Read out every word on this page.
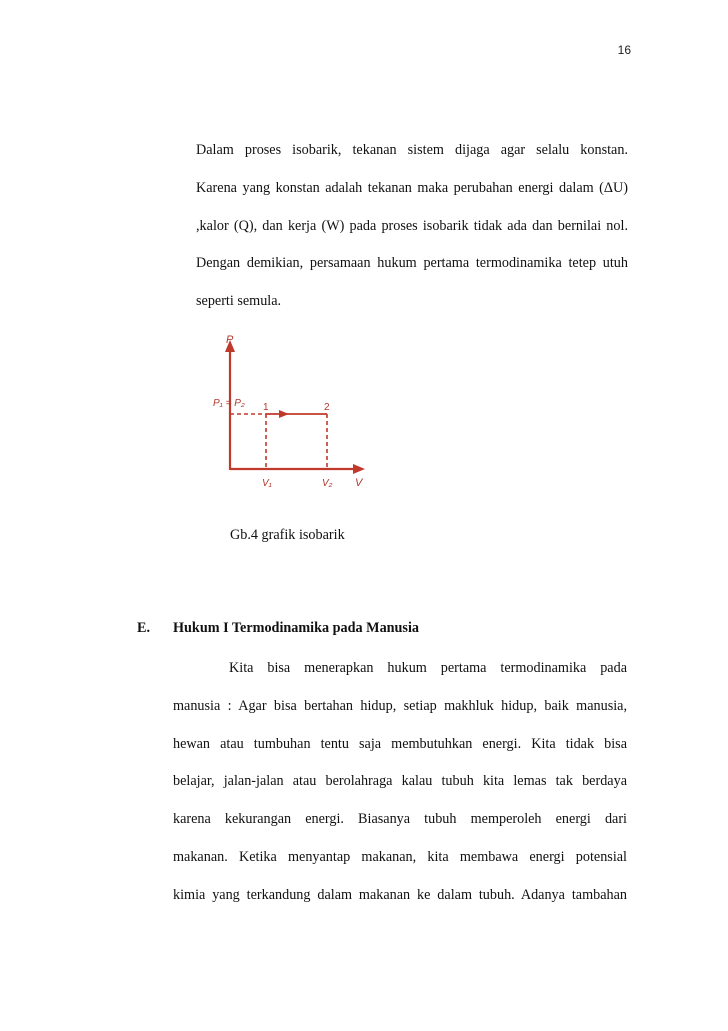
16
Dalam proses isobarik, tekanan sistem dijaga agar selalu konstan.
Karena yang konstan adalah tekanan maka perubahan energi dalam (ΔU)
,kalor (Q), dan kerja (W) pada proses isobarik tidak ada dan bernilai nol.
Dengan demikian, persamaan hukum pertama termodinamika tetep utuh
seperti semula.
P
V
P₁ = P₂ 1	2
V₁	V₂
Gb.4 grafik isobarik
E. Hukum I Termodinamika pada Manusia
Kita bisa menerapkan hukum pertama termodinamika pada
manusia : Agar bisa bertahan hidup, setiap makhluk hidup, baik manusia,
hewan atau tumbuhan tentu saja membutuhkan energi. Kita tidak bisa
belajar, jalan-jalan atau berolahraga kalau tubuh kita lemas tak berdaya
karena kekurangan energi. Biasanya tubuh memperoleh energi dari
makanan. Ketika menyantap makanan, kita membawa energi potensial
kimia yang terkandung dalam makanan ke dalam tubuh. Adanya tambahan
